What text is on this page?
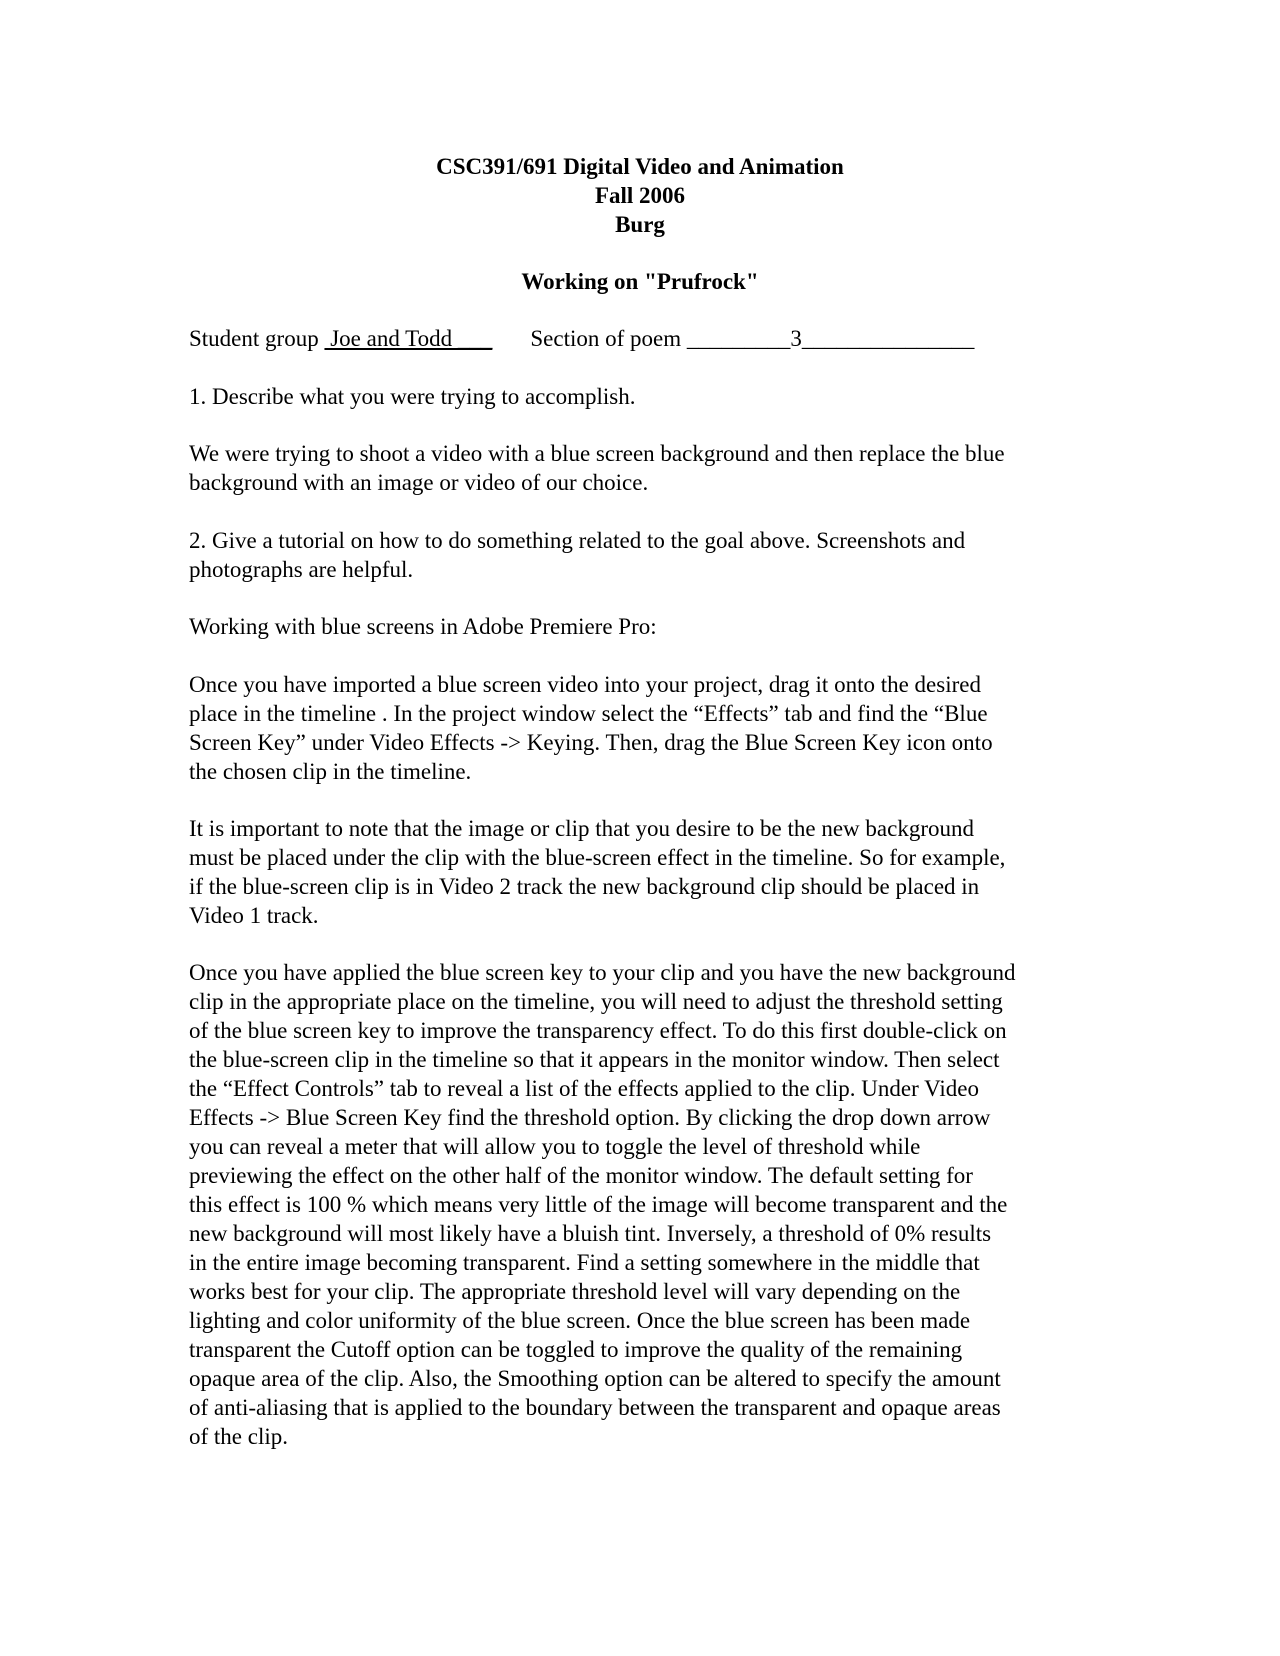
CSC391/691 Digital Video and Animation
Fall 2006
Burg
Working on "Prufrock"
Student group  Joe and Todd ___ Section of poem _________3_______________
1. Describe what you were trying to accomplish.
We were trying to shoot a video with a blue screen background and then replace the blue
background with an image or video of our choice.
2. Give a tutorial on how to do something related to the goal above. Screenshots and
photographs are helpful.
Working with blue screens in Adobe Premiere Pro:
Once you have imported a blue screen video into your project, drag it onto the desired
place in the timeline . In the project window select the “Effects” tab and find the “Blue
Screen Key” under Video Effects -> Keying. Then, drag the Blue Screen Key icon onto
the chosen clip in the timeline.
It is important to note that the image or clip that you desire to be the new background
must be placed under the clip with the blue-screen effect in the timeline. So for example,
if the blue-screen clip is in Video 2 track the new background clip should be placed in
Video 1 track.
Once you have applied the blue screen key to your clip and you have the new background
clip in the appropriate place on the timeline, you will need to adjust the threshold setting
of the blue screen key to improve the transparency effect. To do this first double-click on
the blue-screen clip in the timeline so that it appears in the monitor window. Then select
the “Effect Controls” tab to reveal a list of the effects applied to the clip. Under Video
Effects -> Blue Screen Key find the threshold option. By clicking the drop down arrow
you can reveal a meter that will allow you to toggle the level of threshold while
previewing the effect on the other half of the monitor window. The default setting for
this effect is 100 % which means very little of the image will become transparent and the
new background will most likely have a bluish tint. Inversely, a threshold of 0% results
in the entire image becoming transparent. Find a setting somewhere in the middle that
works best for your clip. The appropriate threshold level will vary depending on the
lighting and color uniformity of the blue screen. Once the blue screen has been made
transparent the Cutoff option can be toggled to improve the quality of the remaining
opaque area of the clip. Also, the Smoothing option can be altered to specify the amount
of anti-aliasing that is applied to the boundary between the transparent and opaque areas
of the clip.
